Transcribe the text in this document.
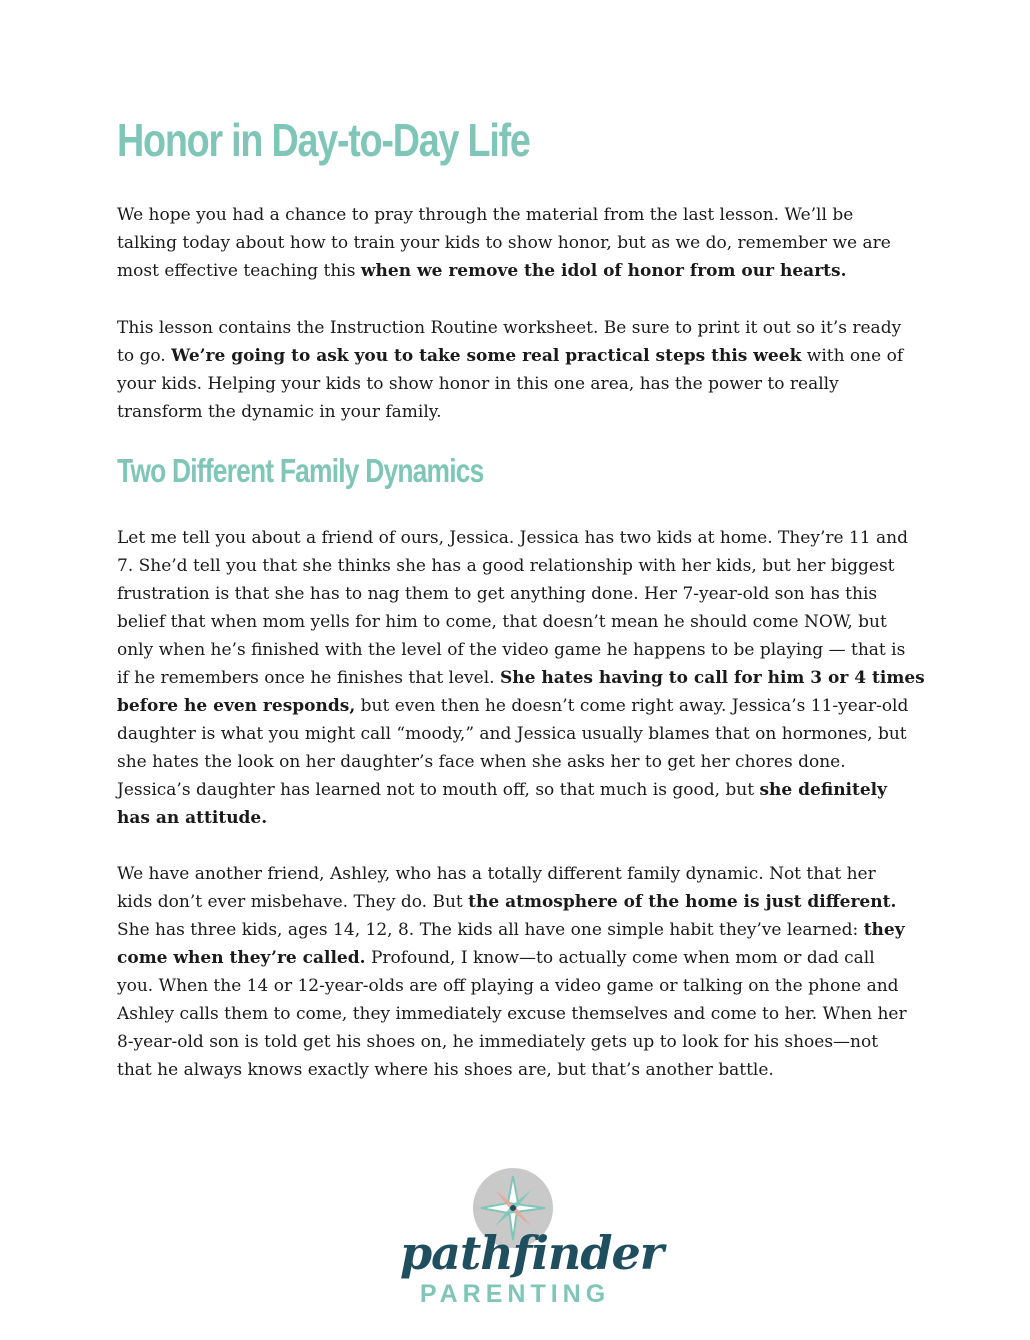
Honor in Day-to-Day Life
We hope you had a chance to pray through the material from the last lesson. We’ll be
talking today about how to train your kids to show honor, but as we do, remember we are
most effective teaching this when we remove the idol of honor from our hearts.
This lesson contains the Instruction Routine worksheet. Be sure to print it out so it’s ready
to go. We’re going to ask you to take some real practical steps this week with one of
your kids. Helping your kids to show honor in this one area, has the power to really
transform the dynamic in your family.
Two Different Family Dynamics
Let me tell you about a friend of ours, Jessica. Jessica has two kids at home. They’re 11 and
7. She’d tell you that she thinks she has a good relationship with her kids, but her biggest
frustration is that she has to nag them to get anything done. Her 7-year-old son has this
belief that when mom yells for him to come, that doesn’t mean he should come NOW, but
only when he’s finished with the level of the video game he happens to be playing — that is
if he remembers once he finishes that level. She hates having to call for him 3 or 4 times
before he even responds, but even then he doesn’t come right away. Jessica’s 11-year-old
daughter is what you might call “moody,” and Jessica usually blames that on hormones, but
she hates the look on her daughter’s face when she asks her to get her chores done.
Jessica’s daughter has learned not to mouth off, so that much is good, but she definitely
has an attitude.
We have another friend, Ashley, who has a totally different family dynamic. Not that her
kids don’t ever misbehave. They do. But the atmosphere of the home is just different.
She has three kids, ages 14, 12, 8. The kids all have one simple habit they’ve learned: they
come when they’re called. Profound, I know—to actually come when mom or dad call
you. When the 14 or 12-year-olds are off playing a video game or talking on the phone and
Ashley calls them to come, they immediately excuse themselves and come to her. When her
8-year-old son is told get his shoes on, he immediately gets up to look for his shoes—not
that he always knows exactly where his shoes are, but that’s another battle.
pathfinder
PARENTING
